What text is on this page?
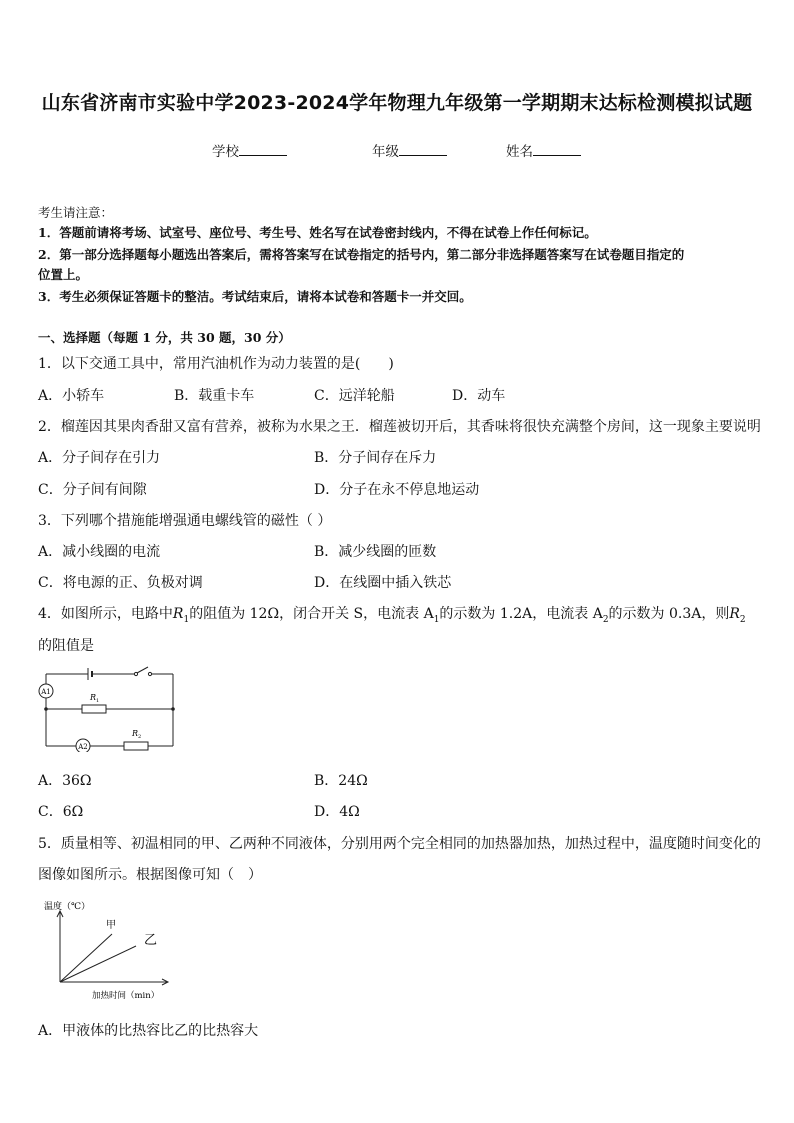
山东省济南市实验中学2023-2024学年物理九年级第一学期期末达标检测模拟试题
学校	年级	姓名
考生请注意：
1．答题前请将考场、试室号、座位号、考生号、姓名写在试卷密封线内，不得在试卷上作任何标记。
2．第一部分选择题每小题选出答案后，需将答案写在试卷指定的括号内，第二部分非选择题答案写在试卷题目指定的
位置上。
3．考生必须保证答题卡的整洁。考试结束后，请将本试卷和答题卡一并交回。
一、选择题（每题 1 分，共 30 题，30 分）
1．以下交通工具中，常用汽油机作为动力装置的是(　　)
A．小轿车	B．载重卡车	C．远洋轮船	D．动车
2．榴莲因其果肉香甜又富有营养，被称为水果之王．榴莲被切开后，其香味将很快充满整个房间，这一现象主要说明
A．分子间存在引力	B．分子间存在斥力
C．分子间有间隙	D．分子在永不停息地运动
3．下列哪个措施能增强通电螺线管的磁性（ ）
A．减小线圈的电流	B．减少线圈的匝数
C．将电源的正、负极对调	D．在线圈中插入铁芯
4．如图所示，电路中$R_1$的阻值为 12Ω，闭合开关 S，电流表 $A_1$的示数为 1.2A，电流表 $A_2$的示数为 0.3A，则$R_2$
的阻值是
A1
A2
R 1
R 2
A．36Ω	B．24Ω
C．6Ω	D．4Ω
5．质量相等、初温相同的甲、乙两种不同液体，分别用两个完全相同的加热器加热，加热过程中，温度随时间变化的
图像如图所示。根据图像可知（　）
温度（℃）
加热时间（min）
甲
乙
A．甲液体的比热容比乙的比热容大
